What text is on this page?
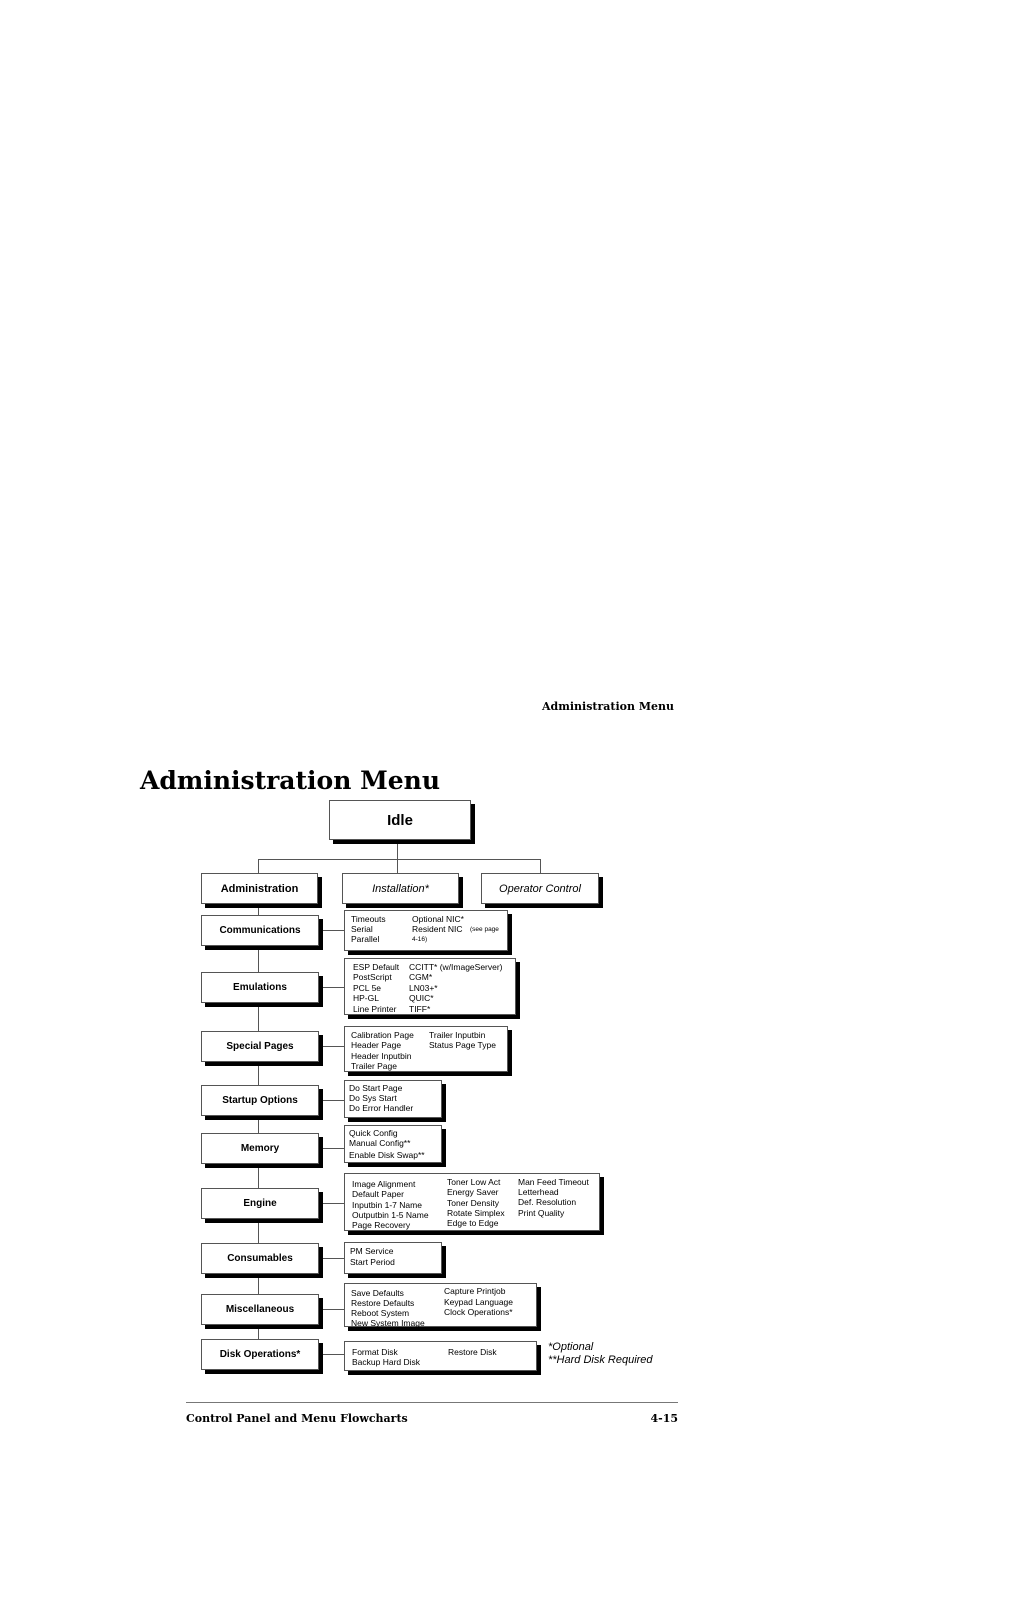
Administration Menu
Administration Menu
Idle
Administration	Installation*	Operator Control
Communications
Emulations
Special Pages
Startup Options
Memory
Engine
Consumables
Miscellaneous
Disk Operations*
Timeouts
Serial
Parallel
Optional NIC*
Resident NIC (see page
4-16)
ESP Default
PostScript
PCL 5e
HP-GL
Line Printer
CCITT* (w/ImageServer)
CGM*
LN03+*
QUIC*
TIFF*
Calibration Page
Header Page
Header Inputbin
Trailer Page
Trailer Inputbin
Status Page Type
Do Start Page
Do Sys Start
Do Error Handler
Quick Config
Manual Config**
Enable Disk Swap**
Image Alignment
Default Paper
Inputbin 1-7 Name
Outputbin 1-5 Name
Page Recovery
Toner Low Act
Energy Saver
Toner Density
Rotate Simplex
Edge to Edge
Man Feed Timeout
Letterhead
Def. Resolution
Print Quality
PM Service
Start Period
Save Defaults
Restore Defaults
Reboot System
New System Image
Capture Printjob
Keypad Language
Clock Operations*
Format Disk
Backup Hard Disk
Restore Disk	*Optional
**Hard Disk Required
Control Panel and Menu Flowcharts	4-15
